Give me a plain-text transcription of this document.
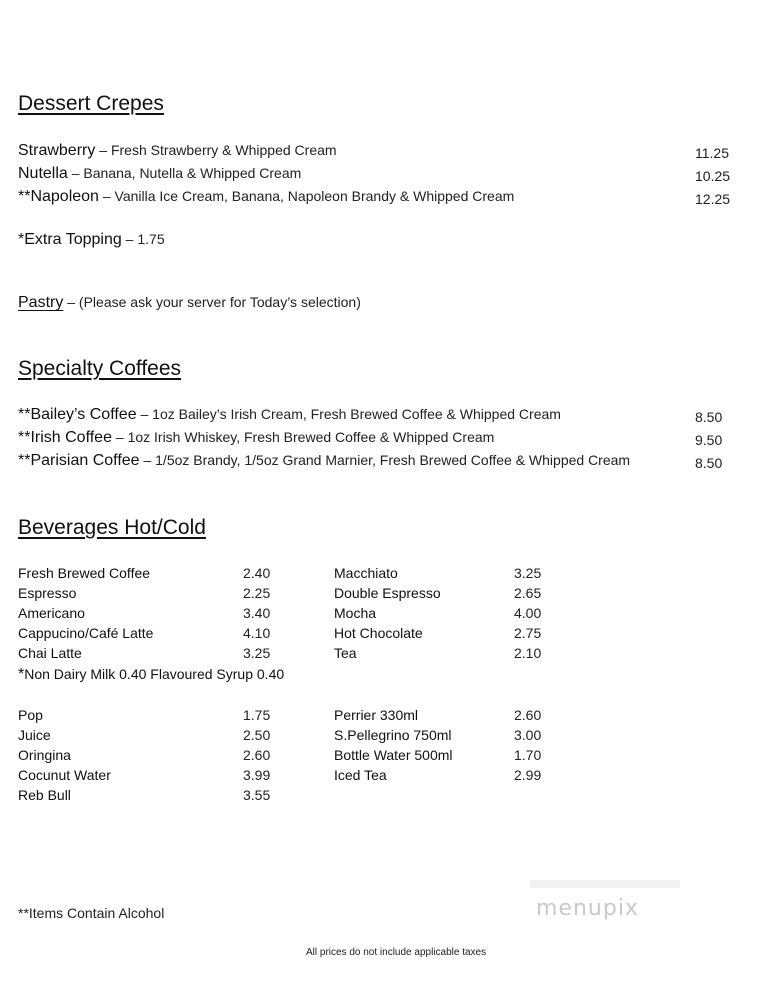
Dessert Crepes
Strawberry – Fresh Strawberry & Whipped Cream	11.25
Nutella – Banana, Nutella & Whipped Cream	10.25
**Napoleon – Vanilla Ice Cream, Banana, Napoleon Brandy & Whipped Cream	12.25
*Extra Topping – 1.75
Pastry – (Please ask your server for Today’s selection)
Specialty Coffees
**Bailey’s Coffee – 1oz Bailey’s Irish Cream, Fresh Brewed Coffee & Whipped Cream	8.50
**Irish Coffee – 1oz Irish Whiskey, Fresh Brewed Coffee & Whipped Cream	9.50
**Parisian Coffee – 1/5oz Brandy, 1/5oz Grand Marnier, Fresh Brewed Coffee & Whipped Cream	8.50
Beverages Hot/Cold
Fresh Brewed Coffee	2.40
Espresso	2.25
Americano	3.40
Cappucino/Café Latte	4.10
Chai Latte	3.25
Macchiato	3.25
Double Espresso	2.65
Mocha	4.00
Hot Chocolate	2.75
Tea	2.10
*Non Dairy Milk 0.40 Flavoured Syrup 0.40
Pop	1.75
Juice	2.50
Oringina	2.60
Cocunut Water	3.99
Reb Bull	3.55
Perrier 330ml	2.60
S.Pellegrino 750ml	3.00
Bottle Water 500ml	1.70
Iced Tea	2.99
menupix
**Items Contain Alcohol
All prices do not include applicable taxes
